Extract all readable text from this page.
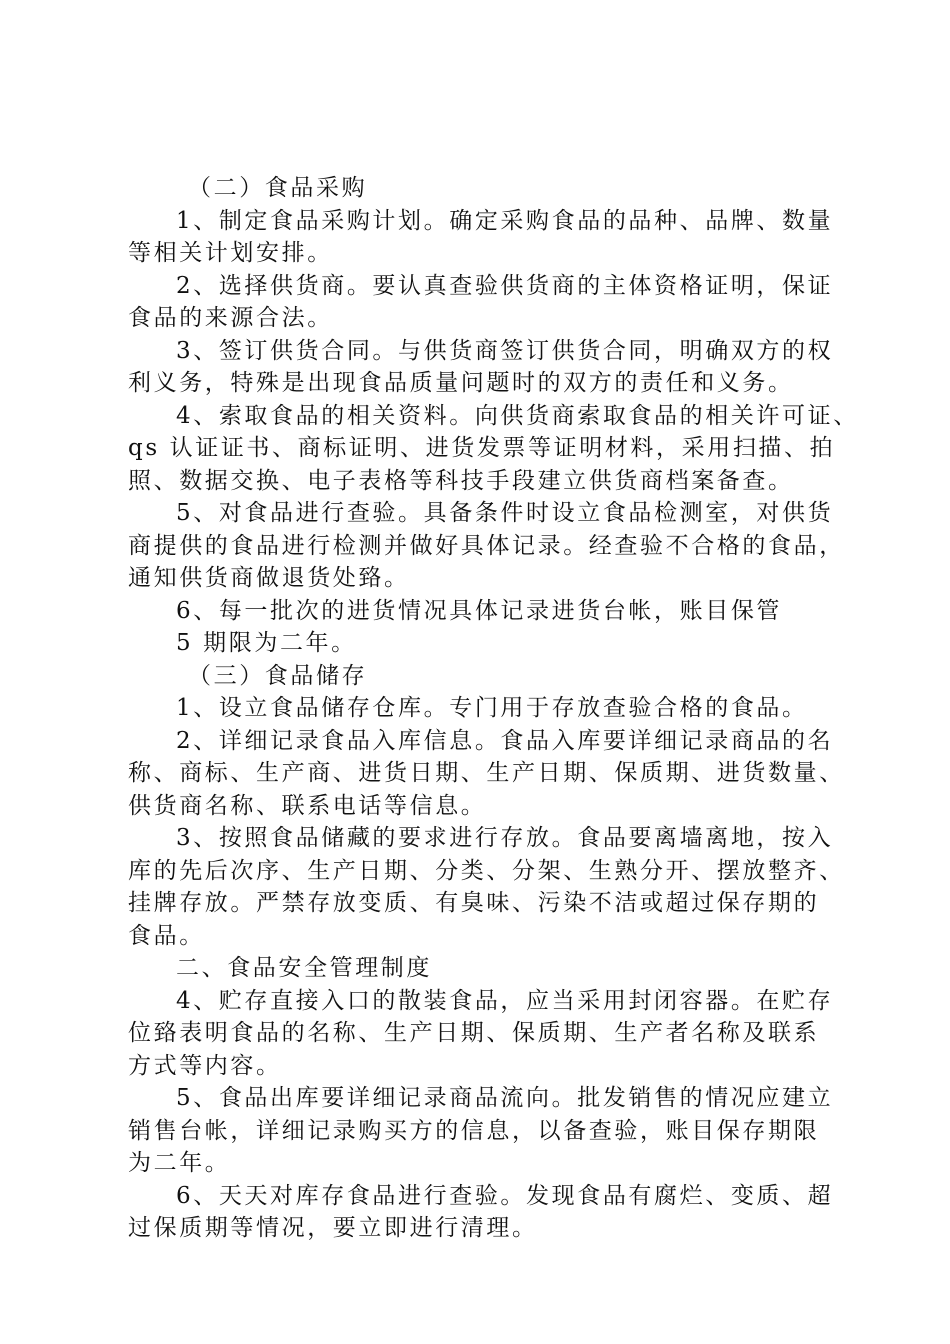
（二）食品采购
1、制定食品采购计划。确定采购食品的品种、品牌、数量
等相关计划安排。
2、选择供货商。要认真查验供货商的主体资格证明，保证
食品的来源合法。
3、签订供货合同。与供货商签订供货合同，明确双方的权
利义务，特殊是出现食品质量问题时的双方的责任和义务。
4、索取食品的相关资料。向供货商索取食品的相关许可证、
qs 认证证书、商标证明、进货发票等证明材料，采用扫描、拍
照、数据交换、电子表格等科技手段建立供货商档案备查。
5、对食品进行查验。具备条件时设立食品检测室，对供货
商提供的食品进行检测并做好具体记录。经查验不合格的食品，
通知供货商做退货处臵。
6、每一批次的进货情况具体记录进货台帐，账目保管
5 期限为二年。
（三）食品储存
1、设立食品储存仓库。专门用于存放查验合格的食品。
2、详细记录食品入库信息。食品入库要详细记录商品的名
称、商标、生产商、进货日期、生产日期、保质期、进货数量、
供货商名称、联系电话等信息。
3、按照食品储藏的要求进行存放。食品要离墙离地，按入
库的先后次序、生产日期、分类、分架、生熟分开、摆放整齐、
挂牌存放。严禁存放变质、有臭味、污染不洁或超过保存期的
食品。
二、食品安全管理制度
4、贮存直接入口的散装食品，应当采用封闭容器。在贮存
位臵表明食品的名称、生产日期、保质期、生产者名称及联系
方式等内容。
5、食品出库要详细记录商品流向。批发销售的情况应建立
销售台帐，详细记录购买方的信息，以备查验，账目保存期限
为二年。
6、天天对库存食品进行查验。发现食品有腐烂、变质、超
过保质期等情况，要立即进行清理。
